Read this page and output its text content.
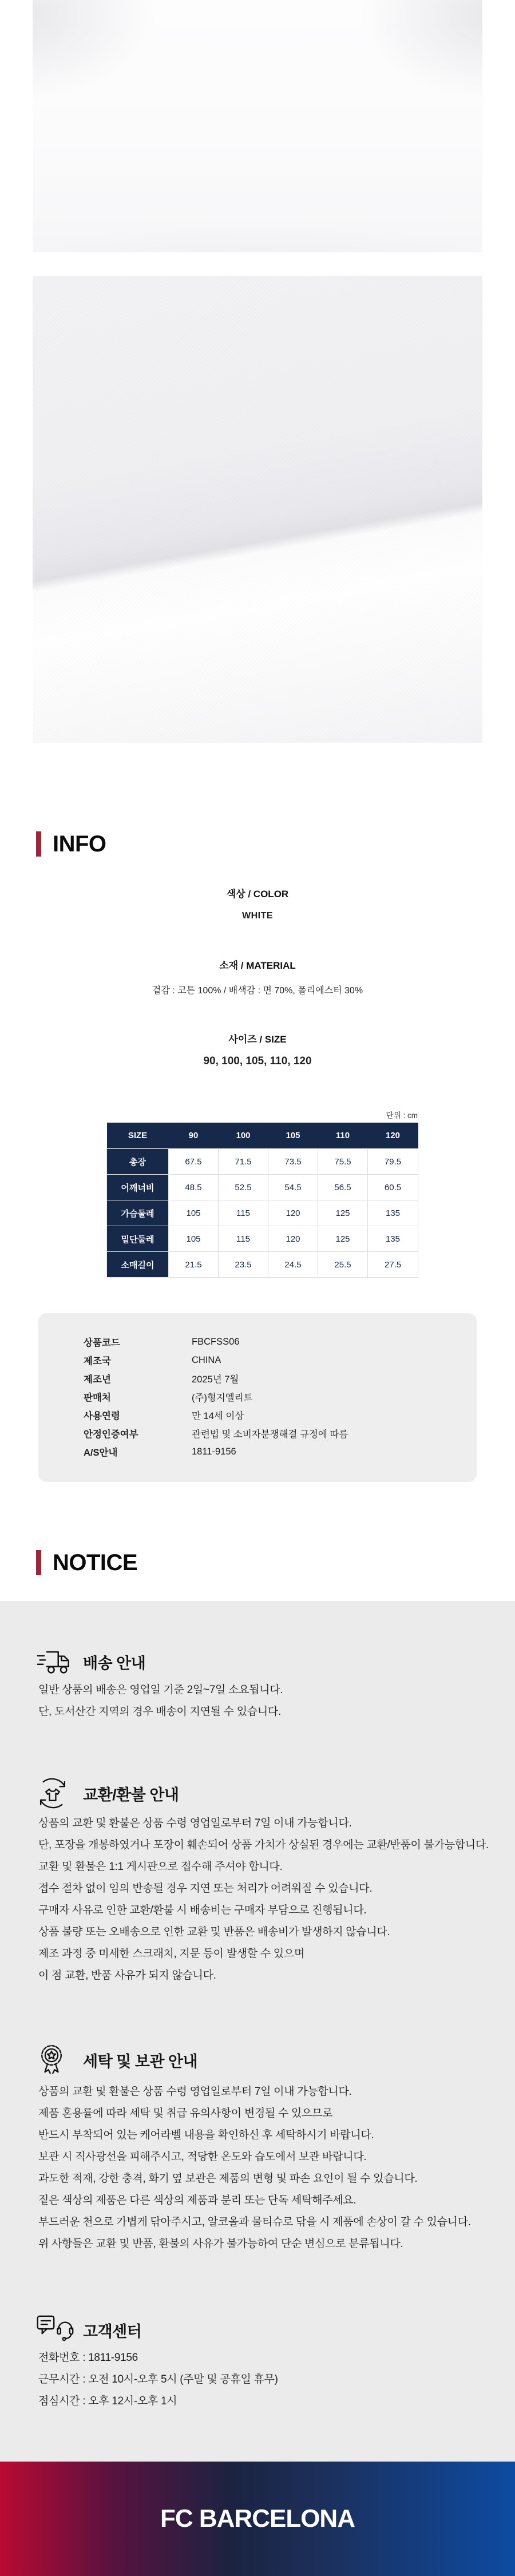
INFO
색상 / COLOR
WHITE
소재 / MATERIAL
겉감 : 코튼 100% / 배색감 : 면 70%, 폴리에스터 30%
사이즈 / SIZE
90, 100, 105, 110, 120
단위 : cm
SIZE	90	100	105	110	120
총장	67.5	71.5	73.5	75.5	79.5
어깨너비	48.5	52.5	54.5	56.5	60.5
가슴둘레	105	115	120	125	135
밑단둘레	105	115	120	125	135
소매길이	21.5	23.5	24.5	25.5	27.5
상품코드	FBCFSS06
제조국	CHINA
제조년	2025년 7월
판매처	(주)형지엘리트
사용연령	만 14세 이상
안정인증여부	관련법 및 소비자분쟁해결 규정에 따름
A/S안내	1811-9156
NOTICE
배송 안내

일반 상품의 배송은 영업일 기준 2일~7일 소요됩니다.

단, 도서산간 지역의 경우 배송이 지연될 수 있습니다.

교환/환불 안내

상품의 교환 및 환불은 상품 수령 영업일로부터 7일 이내 가능합니다.

단, 포장을 개봉하였거나 포장이 훼손되어 상품 가치가 상실된 경우에는 교환/반품이 불가능합니다.

교환 및 환불은 1:1 게시판으로 접수해 주셔야 합니다.

접수 절차 없이 임의 반송될 경우 지연 또는 처리가 어려워질 수 있습니다.

구매자 사유로 인한 교환/환불 시 배송비는 구매자 부담으로 진행됩니다.

상품 불량 또는 오배송으로 인한 교환 및 반품은 배송비가 발생하지 않습니다.

제조 과정 중 미세한 스크래치, 지문 등이 발생할 수 있으며

이 점 교환, 반품 사유가 되지 않습니다.

세탁 및 보관 안내

상품의 교환 및 환불은 상품 수령 영업일로부터 7일 이내 가능합니다.

제품 혼용률에 따라 세탁 및 취급 유의사항이 변경될 수 있으므로

반드시 부착되어 있는 케어라벨 내용을 확인하신 후 세탁하시기 바랍니다.

보관 시 직사광선을 피해주시고, 적당한 온도와 습도에서 보관 바랍니다.

과도한 적재, 강한 충격, 화기 옆 보관은 제품의 변형 및 파손 요인이 될 수 있습니다.

짙은 색상의 제품은 다른 색상의 제품과 분리 또는 단독 세탁해주세요.

부드러운 천으로 가볍게 닦아주시고, 알코올과 물티슈로 닦을 시 제품에 손상이 갈 수 있습니다.

위 사항들은 교환 및 반품, 환불의 사유가 불가능하여 단순 변심으로 분류됩니다.

고객센터

전화번호 : 1811-9156

근무시간 : 오전 10시-오후 5시 (주말 및 공휴일 휴무)

점심시간 : 오후 12시-오후 1시

FC BARCELONA
